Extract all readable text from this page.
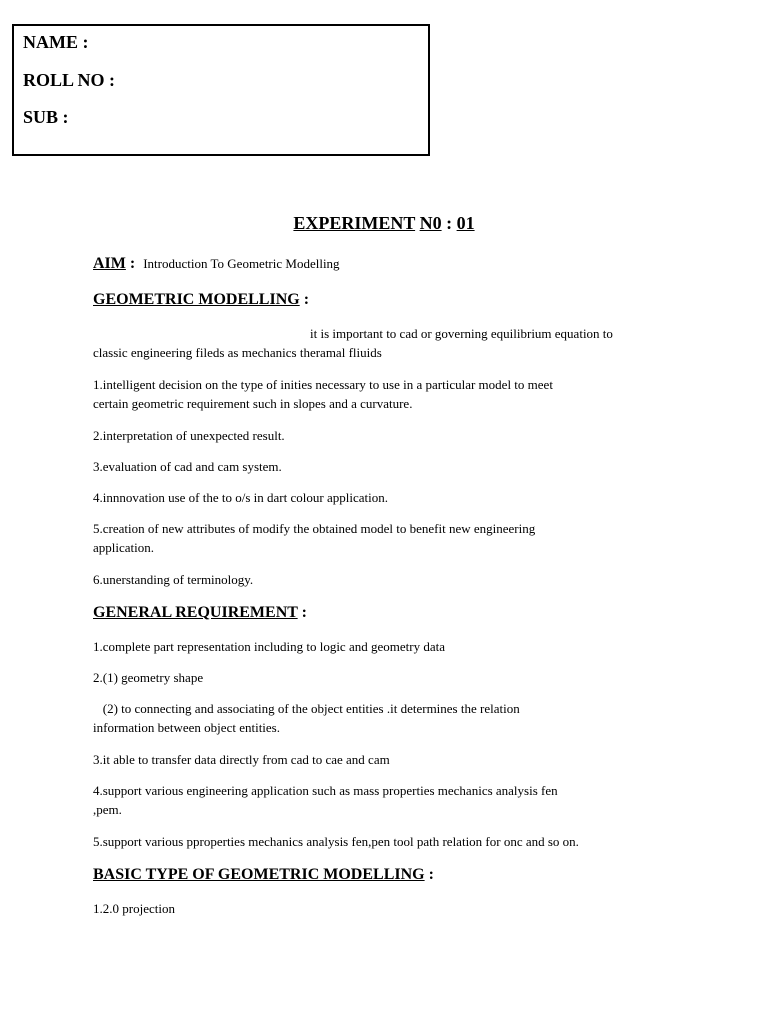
NAME :
ROLL NO :
SUB :
EXPERIMENT N0 : 01
AIM : Introduction To Geometric Modelling
GEOMETRIC MODELLING :
it is important to cad or governing equilibrium equation to
classic engineering fileds as mechanics theramal fliuids
1.intelligent decision on the type of inities necessary to use in a particular model to meet
certain geometric requirement such in slopes and a curvature.
2.interpretation of unexpected result.
3.evaluation of cad and cam system.
4.innnovation use of the to o/s in dart colour application.
5.creation of new attributes of modify the obtained model to benefit new engineering
application.
6.unerstanding of terminology.
GENERAL REQUIREMENT :
1.complete part representation including to logic and geometry data
2.(1) geometry shape
(2) to connecting and associating of the object entities .it determines the relation
information between object entities.
3.it able to transfer data directly from cad to cae and cam
4.support various engineering application such as mass properties mechanics analysis fen
,pem.
5.support various pproperties mechanics analysis fen,pen tool path relation for onc and so on.
BASIC TYPE OF GEOMETRIC MODELLING :
1.2.0 projection
